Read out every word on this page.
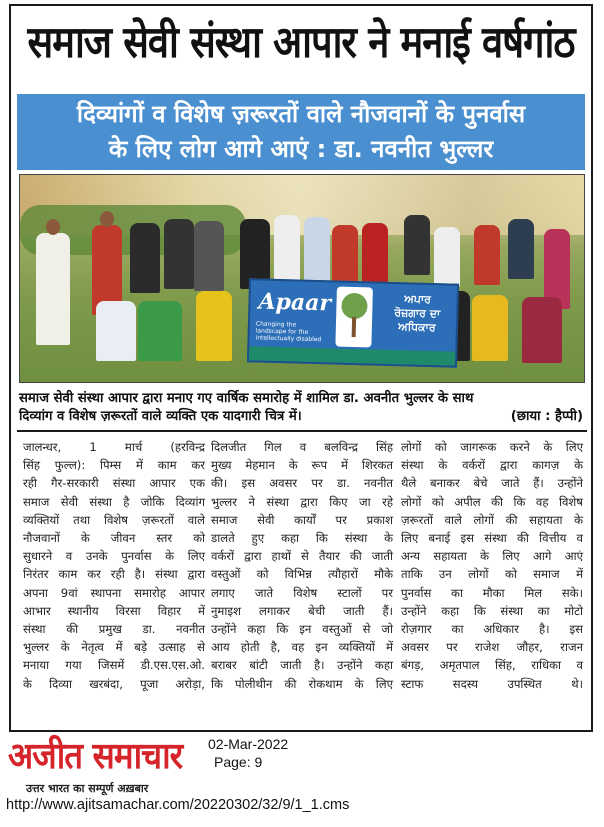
समाज सेवी संस्था आपार ने मनाई वर्षगांठ
दिव्यांगों व विशेष ज़रूरतों वाले नौजवानों के पुनर्वास
के लिए लोग आगे आएं : डा. नवनीत भुल्लर
Apaar
Changing the landscape for the intellectually disabled
ਅਪਾਰ
ਰੋਜ਼ਗਾਰ ਦਾ ਅਧਿਕਾਰ
समाज सेवी संस्था आपार द्वारा मनाए गए वार्षिक समारोह में शामिल डा. अवनीत भुल्लर के साथ
दिव्यांग व विशेष ज़रूरतों वाले व्यक्ति एक यादगारी चित्र में।	(छाया : हैप्पी)
जालन्धर, 1 मार्च (हरविन्द्र
सिंह फुल्ल): पिम्स में काम कर
रही गैर-सरकारी संस्था आपार एक
समाज सेवी संस्था है जोकि दिव्यांग
व्यक्तियों तथा विशेष ज़रूरतों वाले
नौजवानों के जीवन स्तर को
सुधारने व उनके पुनर्वास के लिए
निरंतर काम कर रही है। संस्था द्वारा
अपना 9वां स्थापना समारोह आपार
आभार स्थानीय विरसा विहार में
संस्था की प्रमुख डा. नवनीत
भुल्लर के नेतृत्व में बड़े उत्साह से
मनाया गया जिसमें डी.एस.एस.ओ.
के दिव्या खरबंदा, पूजा अरोड़ा,
दिलजीत गिल व बलविन्द्र सिंह
मुख्य मेहमान के रूप में शिरकत
की। इस अवसर पर डा. नवनीत
भुल्लर ने संस्था द्वारा किए जा रहे
समाज सेवी कार्यों पर प्रकाश
डालते हुए कहा कि संस्था के
वर्करों द्वारा हाथों से तैयार की जाती
वस्तुओं को विभिन्न त्यौहारों मौके
लगाए जाते विशेष स्टालों पर
नुमाइश लगाकर बेची जाती हैं।
उन्होंने कहा कि इन वस्तुओं से जो
आय होती है, वह इन व्यक्तियों में
बराबर बांटी जाती है। उन्होंने कहा
कि पोलीथीन की रोकथाम के लिए
लोगों को जागरूक करने के लिए
संस्था के वर्करों द्वारा कागज़ के
थैले बनाकर बेचे जाते हैं। उन्होंने
लोगों को अपील की कि वह विशेष
ज़रूरतों वाले लोगों की सहायता के
लिए बनाई इस संस्था की वित्तीय व
अन्य सहायता के लिए आगे आएं
ताकि उन लोगों को समाज में
पुनर्वास का मौका मिल सके।
उन्होंने कहा कि संस्था का मोटो
रोज़गार का अधिकार है। इस
अवसर पर राजेश जौहर, राजन
बंगड़, अमृतपाल सिंह, राधिका व
स्टाफ सदस्य उपस्थित थे।
अजीत समाचार
उत्तर भारत का सम्पूर्ण अख़बार
02-Mar-2022
Page: 9
http://www.ajitsamachar.com/20220302/32/9/1_1.cms
